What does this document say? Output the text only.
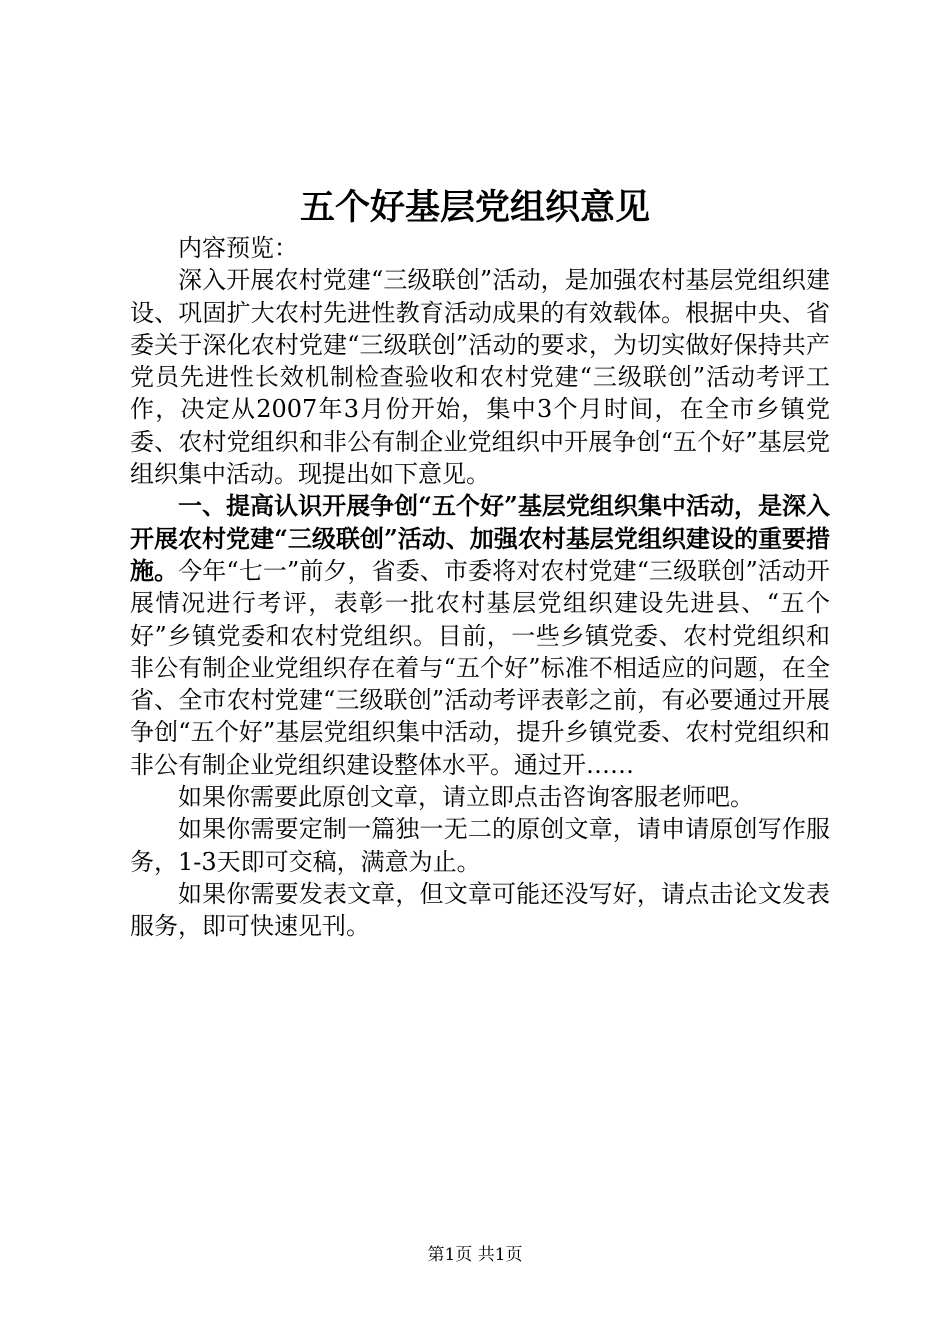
五个好基层党组织意见

内容预览：

深入开展农村党建“三级联创”活动，是加强农村基层党组织建设、巩固扩大农村先进性教育活动成果的有效载体。根据中央、省委关于深化农村党建“三级联创”活动的要求，为切实做好保持共产党员先进性长效机制检查验收和农村党建“三级联创”活动考评工作，决定从2007年3月份开始，集中3个月时间，在全市乡镇党委、农村党组织和非公有制企业党组织中开展争创“五个好”基层党组织集中活动。现提出如下意见。

一、提高认识开展争创“五个好”基层党组织集中活动，是深入开展农村党建“三级联创”活动、加强农村基层党组织建设的重要措施。今年“七一”前夕，省委、市委将对农村党建“三级联创”活动开展情况进行考评，表彰一批农村基层党组织建设先进县、“五个好”乡镇党委和农村党组织。目前，一些乡镇党委、农村党组织和非公有制企业党组织存在着与“五个好”标准不相适应的问题，在全省、全市农村党建“三级联创”活动考评表彰之前，有必要通过开展争创“五个好”基层党组织集中活动，提升乡镇党委、农村党组织和非公有制企业党组织建设整体水平。通过开……

如果你需要此原创文章，请立即点击咨询客服老师吧。

如果你需要定制一篇独一无二的原创文章，请申请原创写作服务，1-3天即可交稿，满意为止。

如果你需要发表文章，但文章可能还没写好，请点击论文发表服务，即可快速见刊。

第1页 共1页
